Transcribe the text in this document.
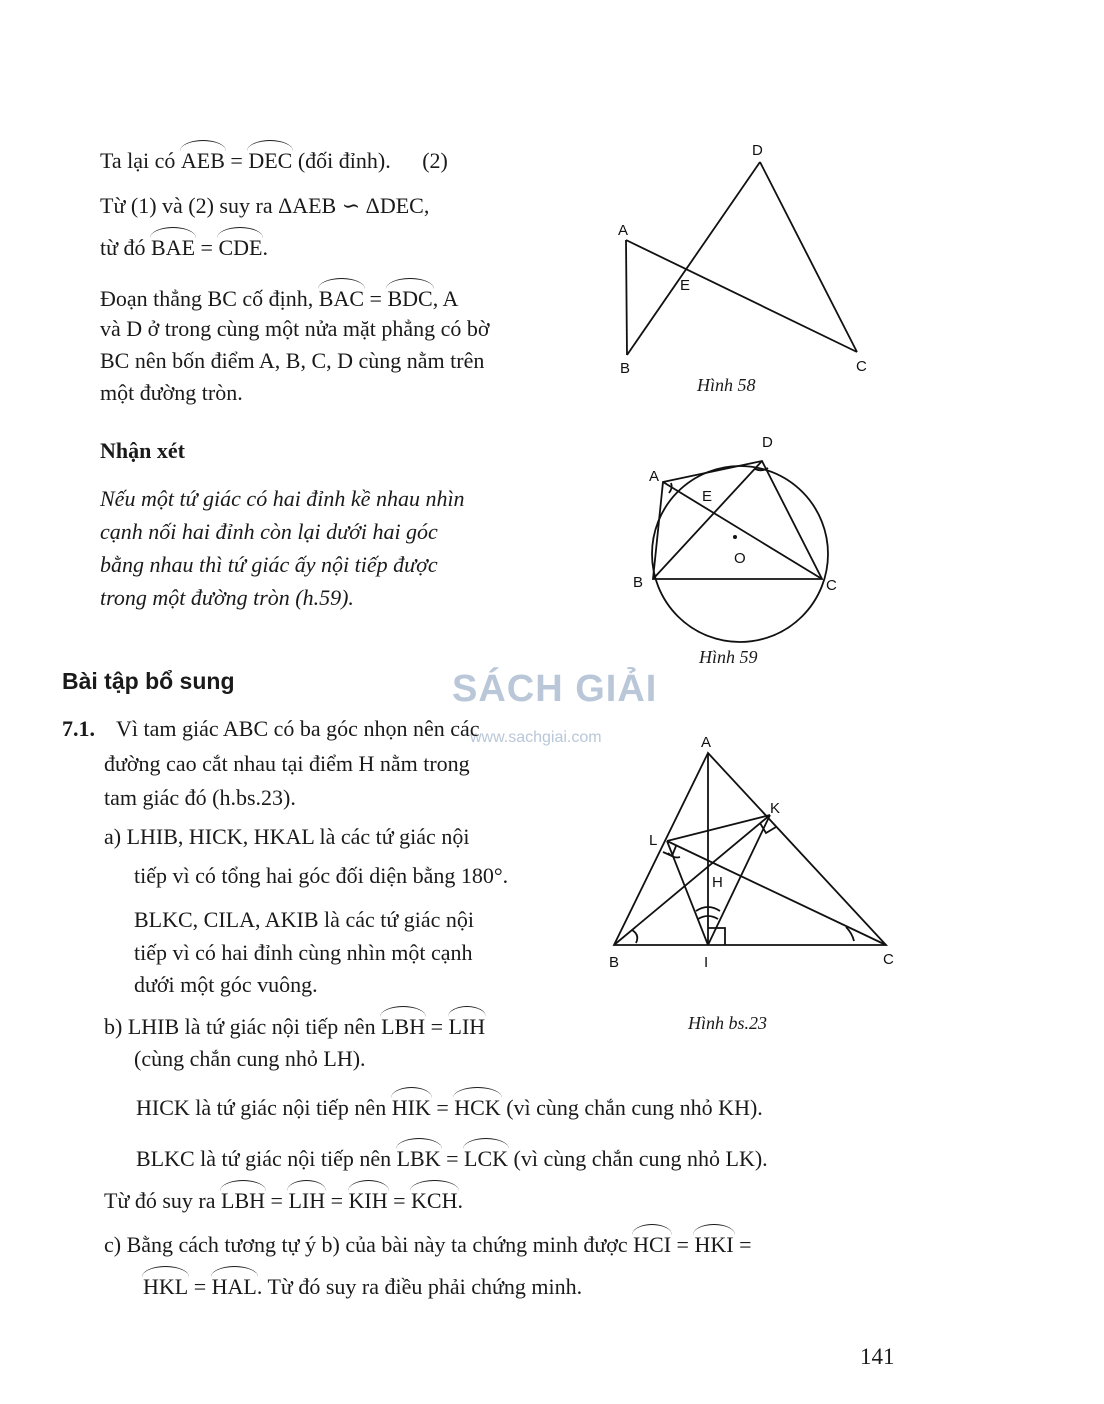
Ta lại có AEB = DEC (đối đỉnh). (2)
Từ (1) và (2) suy ra ΔAEB ∽ ΔDEC,
từ đó BAE = CDE.
Đoạn thẳng BC cố định, BAC = BDC, A
và D ở trong cùng một nửa mặt phẳng có bờ
BC nên bốn điểm A, B, C, D cùng nằm trên
một đường tròn.
Nhận xét
Nếu một tứ giác có hai đỉnh kề nhau nhìn
cạnh nối hai đỉnh còn lại dưới hai góc
bằng nhau thì tứ giác ấy nội tiếp được
trong một đường tròn (h.59).
Bài tập bổ sung	SÁCH GIẢI
www.sachgiai.com
7.1. Vì tam giác ABC có ba góc nhọn nên các
đường cao cắt nhau tại điểm H nằm trong
tam giác đó (h.bs.23).
a) LHIB, HICK, HKAL là các tứ giác nội
tiếp vì có tổng hai góc đối diện bằng 180°.
BLKC, CILA, AKIB là các tứ giác nội
tiếp vì có hai đỉnh cùng nhìn một cạnh
dưới một góc vuông.
b) LHIB là tứ giác nội tiếp nên LBH = LIH
(cùng chắn cung nhỏ LH).
HICK là tứ giác nội tiếp nên HIK = HCK (vì cùng chắn cung nhỏ KH).
BLKC là tứ giác nội tiếp nên LBK = LCK (vì cùng chắn cung nhỏ LK).
Từ đó suy ra LBH = LIH = KIH = KCH.
c) Bằng cách tương tự ý b) của bài này ta chứng minh được HCI = HKI =
HKL = HAL. Từ đó suy ra điều phải chứng minh.
A
B	C
D
E
Hình 58
A
B	C
D
E
O
Hình 59
A
B	C
H
I
K
L
Hình bs.23
141
